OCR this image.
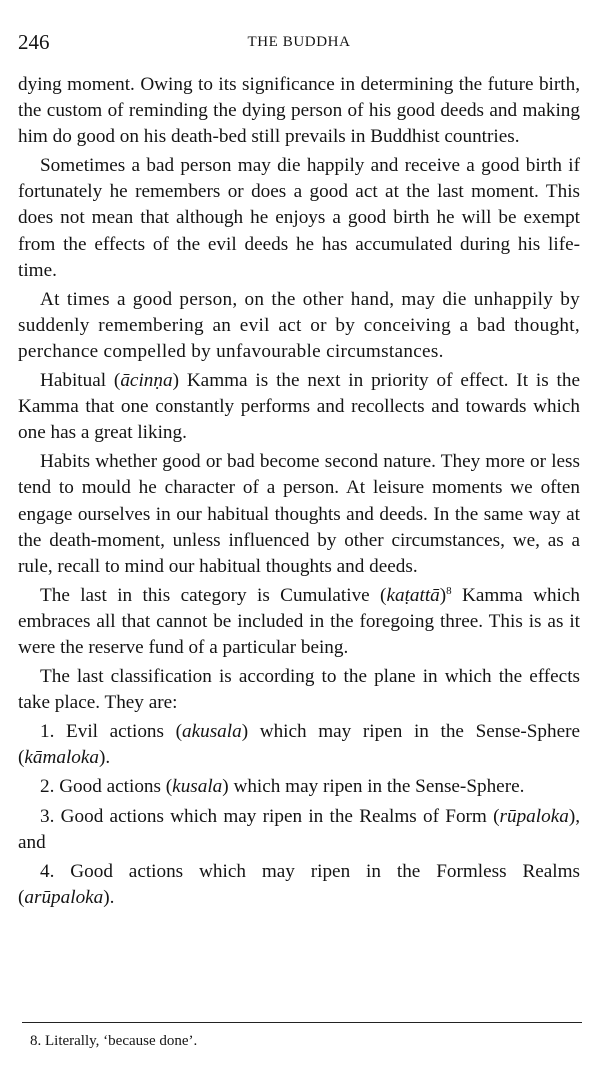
246	THE BUDDHA

dying moment. Owing to its significance in determining the future birth, the custom of reminding the dying person of his good deeds and making him do good on his death-bed still prevails in Buddhist countries.

Sometimes a bad person may die happily and receive a good birth if fortunately he remembers or does a good act at the last moment. This does not mean that although he enjoys a good birth he will be exempt from the effects of the evil deeds he has accumulated during his life-time.

At times a good person, on the other hand, may die unhappily by suddenly remembering an evil act or by conceiving a bad thought, perchance compelled by unfavourable circumstances.

Habitual (ācinṇa) Kamma is the next in priority of effect. It is the Kamma that one constantly performs and recollects and towards which one has a great liking.

Habits whether good or bad become second nature. They more or less tend to mould he character of a person. At leisure moments we often engage ourselves in our habitual thoughts and deeds. In the same way at the death-moment, unless influenced by other circumstances, we, as a rule, recall to mind our habitual thoughts and deeds.

The last in this category is Cumulative (kaṭattā)$^8$ Kamma which embraces all that cannot be included in the foregoing three. This is as it were the reserve fund of a particular being.

The last classification is according to the plane in which the effects take place. They are:

1. Evil actions (akusala) which may ripen in the Sense-Sphere (kāmaloka).

2. Good actions (kusala) which may ripen in the Sense-Sphere.

3. Good actions which may ripen in the Realms of Form (rūpaloka), and

4. Good actions which may ripen in the Formless Realms (arūpaloka).

8. Literally, ‘because done’.
